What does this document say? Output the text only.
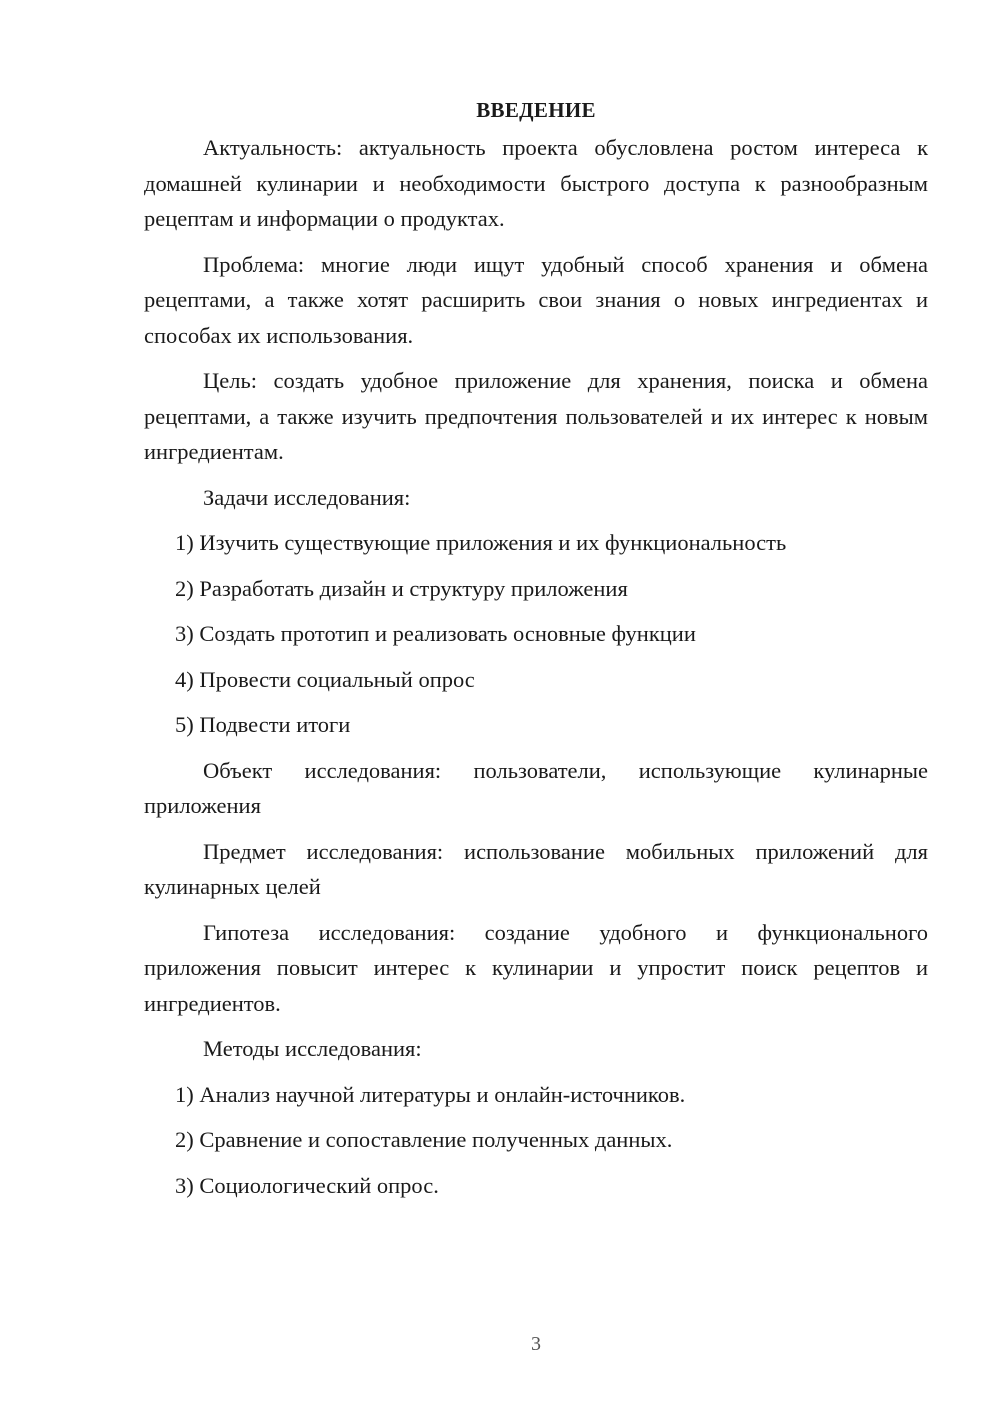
ВВЕДЕНИЕ

Актуальность: актуальность проекта обусловлена ростом интереса к домашней кулинарии и необходимости быстрого доступа к разнообразным рецептам и информации о продуктах.

Проблема: многие люди ищут удобный способ хранения и обмена рецептами, а также хотят расширить свои знания о новых ингредиентах и способах их использования.

Цель: создать удобное приложение для хранения, поиска и обмена рецептами, а также изучить предпочтения пользователей и их интерес к новым ингредиентам.

Задачи исследования:

1) Изучить существующие приложения и их функциональность
2) Разработать дизайн и структуру приложения
3) Создать прототип и реализовать основные функции
4) Провести социальный опрос
5) Подвести итоги

Объект исследования: пользователи, использующие кулинарные приложения

Предмет исследования: использование мобильных приложений для кулинарных целей

Гипотеза исследования: создание удобного и функционального приложения повысит интерес к кулинарии и упростит поиск рецептов и ингредиентов.

Методы исследования:

1) Анализ научной литературы и онлайн-источников.
2) Сравнение и сопоставление полученных данных.
3) Социологический опрос.
3
